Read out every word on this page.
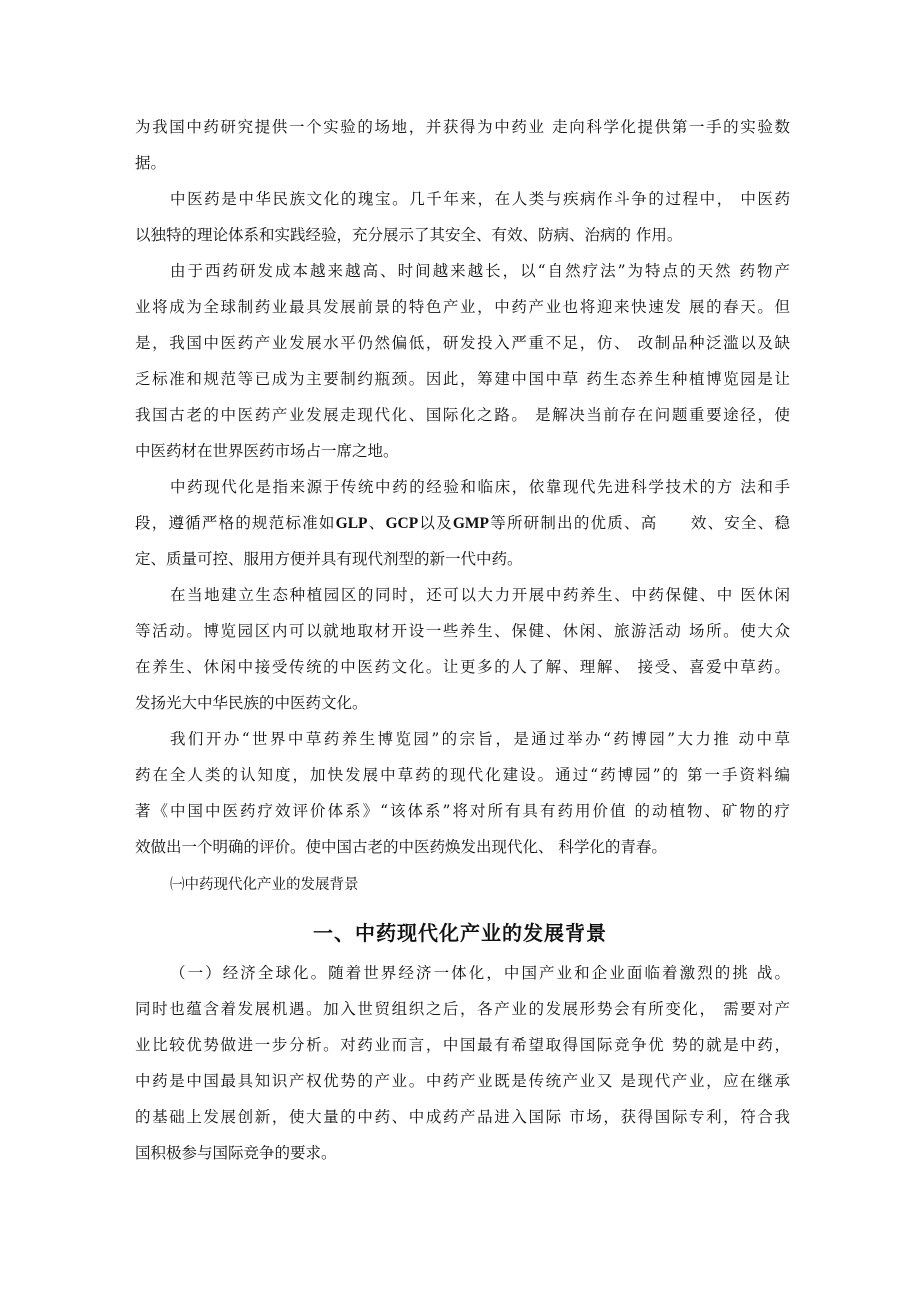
为我国中药研究提供一个实验的场地，并获得为中药业 走向科学化提供第一手的实验数
据。
中医药是中华民族文化的瑰宝。几千年来，在人类与疾病作斗争的过程中， 中医药
以独特的理论体系和实践经验，充分展示了其安全、有效、防病、治病的 作用。
由于西药研发成本越来越高、时间越来越长，以“自然疗法”为特点的天然 药物产
业将成为全球制药业最具发展前景的特色产业，中药产业也将迎来快速发 展的春天。但
是，我国中医药产业发展水平仍然偏低，研发投入严重不足，仿、 改制品种泛滥以及缺
乏标准和规范等已成为主要制约瓶颈。因此，筹建中国中草 药生态养生种植博览园是让
我国古老的中医药产业发展走现代化、国际化之路。 是解决当前存在问题重要途径，使
中医药材在世界医药市场占一席之地。
中药现代化是指来源于传统中药的经验和临床，依靠现代先进科学技术的方 法和手
段，遵循严格的规范标准如GLP、GCP以及GMP等所研制出的优质、高　　效、安全、稳
定、质量可控、服用方便并具有现代剂型的新一代中药。
在当地建立生态种植园区的同时，还可以大力开展中药养生、中药保健、中 医休闲
等活动。博览园区内可以就地取材开设一些养生、保健、休闲、旅游活动 场所。使大众
在养生、休闲中接受传统的中医药文化。让更多的人了解、理解、 接受、喜爱中草药。
发扬光大中华民族的中医药文化。
我们开办“世界中草药养生博览园”的宗旨，是通过举办“药博园”大力推 动中草
药在全人类的认知度，加快发展中草药的现代化建设。通过“药博园”的 第一手资料编
著《中国中医药疗效评价体系》“该体系”将对所有具有药用价值 的动植物、矿物的疗
效做出一个明确的评价。使中国古老的中医药焕发出现代化、 科学化的青春。
㈠中药现代化产业的发展背景
一、中药现代化产业的发展背景
（一）经济全球化。随着世界经济一体化，中国产业和企业面临着激烈的挑 战。
同时也蕴含着发展机遇。加入世贸组织之后，各产业的发展形势会有所变化， 需要对产
业比较优势做进一步分析。对药业而言，中国最有希望取得国际竞争优 势的就是中药，
中药是中国最具知识产权优势的产业。中药产业既是传统产业又 是现代产业，应在继承
的基础上发展创新，使大量的中药、中成药产品进入国际 市场，获得国际专利，符合我
国积极参与国际竞争的要求。
